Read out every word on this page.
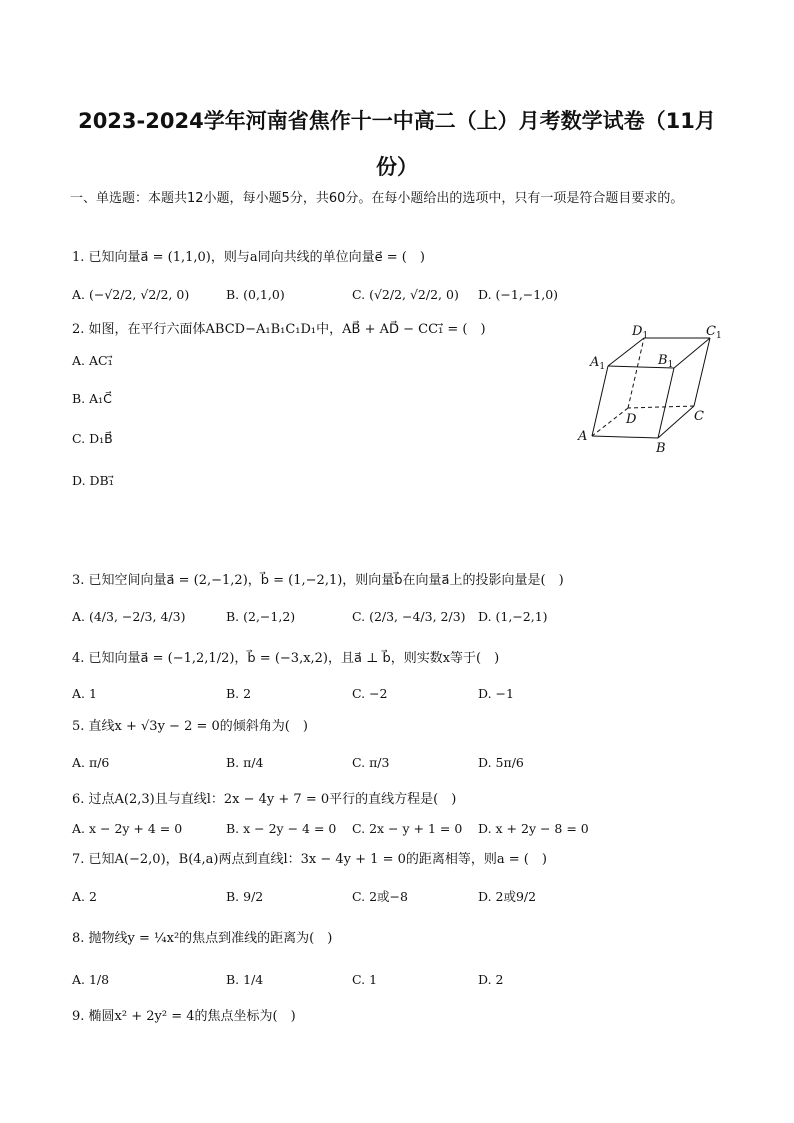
2023-2024学年河南省焦作十一中高二（上）月考数学试卷（11月
份）
一、单选题：本题共12小题，每小题5分，共60分。在每小题给出的选项中，只有一项是符合题目要求的。
1. 已知向量a⃗ = (1,1,0)，则与a同向共线的单位向量e⃗ = (　)
A. (−√2/2, √2/2, 0)	B. (0,1,0)	C. (√2/2, √2/2, 0) D. (−1,−1,0)
2. 如图，在平行六面体ABCD−A₁B₁C₁D₁中，AB⃗ + AD⃗ − CC₁⃗ = (　)
A. AC₁⃗
B. A₁C⃗
C. D₁B⃗
D. DB₁⃗
A
B
C
D
$A_1$	$B_1$
$C_1$
$D_1$
3. 已知空间向量a⃗ = (2,−1,2)，b⃗ = (1,−2,1)，则向量b⃗在向量a⃗上的投影向量是(　)
A. (4/3, −2/3, 4/3)	B. (2,−1,2)	C. (2/3, −4/3, 2/3) D. (1,−2,1)
4. 已知向量a⃗ = (−1,2,1/2)，b⃗ = (−3,x,2)，且a⃗ ⊥ b⃗，则实数x等于(　)
A. 1	B. 2	C. −2	D. −1
5. 直线x + √3y − 2 = 0的倾斜角为(　)
A. π/6	B. π/4	C. π/3	D. 5π/6
6. 过点A(2,3)且与直线l：2x − 4y + 7 = 0平行的直线方程是(　)
A. x − 2y + 4 = 0	B. x − 2y − 4 = 0 C. 2x − y + 1 = 0 D. x + 2y − 8 = 0
7. 已知A(−2,0)，B(4,a)两点到直线l：3x − 4y + 1 = 0的距离相等，则a = (　)
A. 2	B. 9/2	C. 2或−8	D. 2或9/2
8. 抛物线y = ¼x²的焦点到准线的距离为(　)
A. 1/8	B. 1/4	C. 1	D. 2
9. 椭圆x² + 2y² = 4的焦点坐标为(　)
